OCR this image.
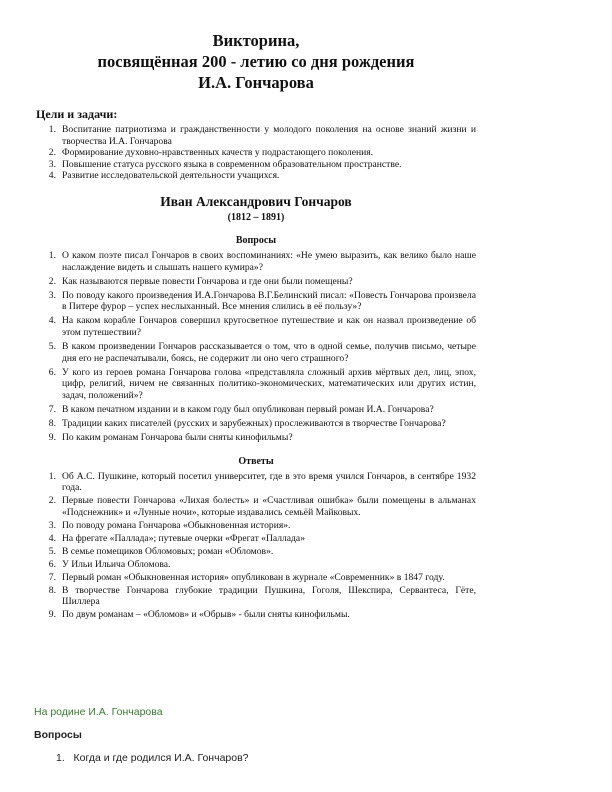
Викторина,
посвящённая 200 - летию со дня рождения
И.А. Гончарова
Цели и задачи:
1. Воспитание патриотизма и гражданственности у молодого поколения на основе знаний жизни и творчества И.А. Гончарова
2. Формирование духовно-нравственных качеств у подрастающего поколения.
3. Повышение статуса русского языка в современном образовательном пространстве.
4. Развитие исследовательской деятельности учащихся.
Иван Александрович Гончаров
(1812 – 1891)
Вопросы
1. О каком поэте писал Гончаров в своих воспоминаниях: «Не умею выразить, как велико было наше наслаждение видеть и слышать нашего кумира»?
2. Как называются первые повести Гончарова и где они были помещены?
3. По поводу какого произведения И.А.Гончарова В.Г.Белинский писал: «Повесть Гончарова произвела в Питере фурор – успех неслыханный. Все мнения слились в её пользу»?
4. На каком корабле Гончаров совершил кругосветное путешествие и как он назвал произведение об этом путешествии?
5. В каком произведении Гончаров рассказывается о том, что в одной семье, получив письмо, четыре дня его не распечатывали, боясь, не содержит ли оно чего страшного?
6. У кого из героев романа Гончарова голова «представляла сложный архив мёртвых дел, лиц, эпох, цифр, религий, ничем не связанных политико-экономических, математических или других истин, задач, положений»?
7. В каком печатном издании и в каком году был опубликован первый роман И.А. Гончарова?
8. Традиции каких писателей (русских и зарубежных) прослеживаются в творчестве Гончарова?
9. По каким романам Гончарова были сняты кинофильмы?
Ответы
1. Об А.С. Пушкине, который посетил университет, где в это время учился Гончаров, в сентябре 1932 года.
2. Первые повести Гончарова «Лихая болесть» и «Счастливая ошибка» были помещены в альманах «Подснежник» и «Лунные ночи», которые издавались семьёй Майковых.
3. По поводу романа Гончарова «Обыкновенная история».
4. На фрегате «Паллада»; путевые очерки «Фрегат «Паллада»
5. В семье помещиков Обломовых; роман «Обломов».
6. У Ильи Ильича Обломова.
7. Первый роман «Обыкновенная история» опубликован в журнале «Современник» в 1847 году.
8. В творчестве Гончарова глубокие традиции Пушкина, Гоголя, Шекспира, Сервантеса, Гёте, Шиллера
9. По двум романам – «Обломов» и «Обрыв» - были сняты кинофильмы.
На родине И.А. Гончарова
Вопросы
1. Когда и где родился И.А. Гончаров?
